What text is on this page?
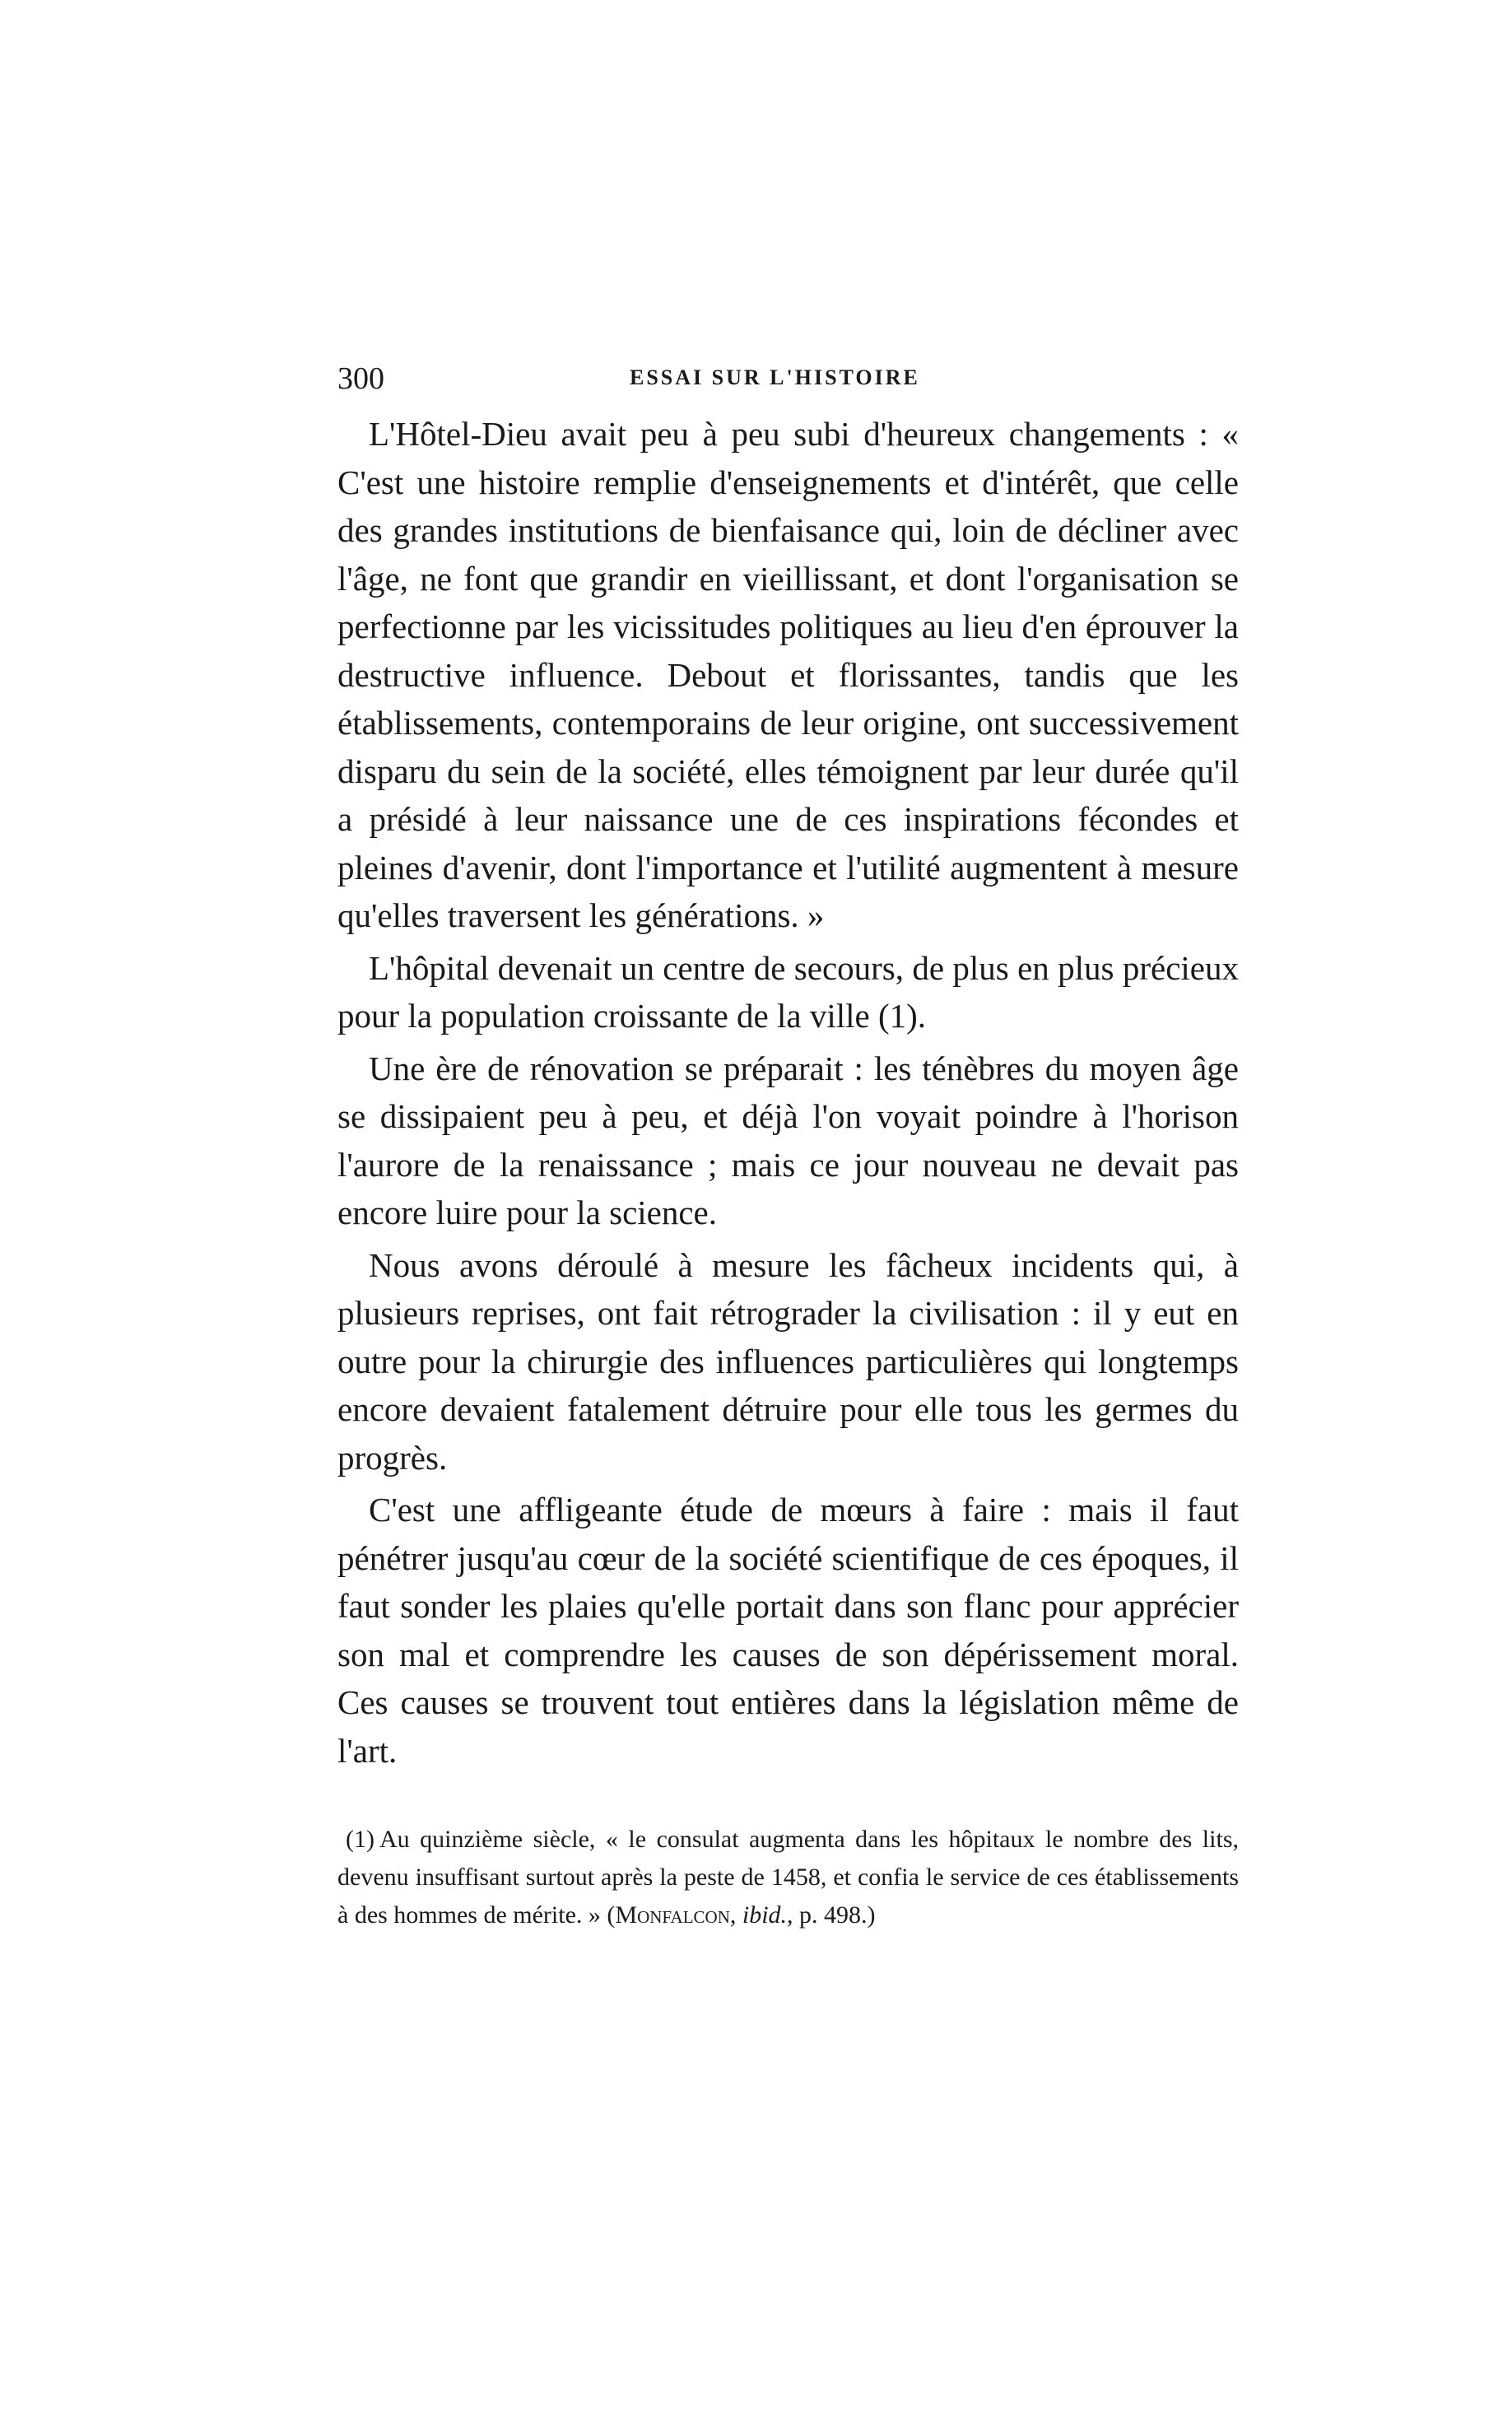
300	ESSAI SUR L'HISTOIRE

L'Hôtel-Dieu avait peu à peu subi d'heureux changements : « C'est une histoire remplie d'enseignements et d'intérêt, que celle des grandes institutions de bienfaisance qui, loin de décliner avec l'âge, ne font que grandir en vieillissant, et dont l'organisation se perfectionne par les vicissitudes politiques au lieu d'en éprouver la destructive influence. Debout et florissantes, tandis que les établissements, contemporains de leur origine, ont successivement disparu du sein de la société, elles témoignent par leur durée qu'il a présidé à leur naissance une de ces inspirations fécondes et pleines d'avenir, dont l'importance et l'utilité augmentent à mesure qu'elles traversent les générations. »

L'hôpital devenait un centre de secours, de plus en plus précieux pour la population croissante de la ville (1).

Une ère de rénovation se préparait : les ténèbres du moyen âge se dissipaient peu à peu, et déjà l'on voyait poindre à l'horison l'aurore de la renaissance ; mais ce jour nouveau ne devait pas encore luire pour la science.

Nous avons déroulé à mesure les fâcheux incidents qui, à plusieurs reprises, ont fait rétrograder la civilisation : il y eut en outre pour la chirurgie des influences particulières qui longtemps encore devaient fatalement détruire pour elle tous les germes du progrès.

C'est une affligeante étude de mœurs à faire : mais il faut pénétrer jusqu'au cœur de la société scientifique de ces époques, il faut sonder les plaies qu'elle portait dans son flanc pour apprécier son mal et comprendre les causes de son dépérissement moral. Ces causes se trouvent tout entières dans la législation même de l'art.

(1) Au quinzième siècle, « le consulat augmenta dans les hôpitaux le nombre des lits, devenu insuffisant surtout après la peste de 1458, et confia le service de ces établissements à des hommes de mérite. » (Monfalcon, ibid., p. 498.)
